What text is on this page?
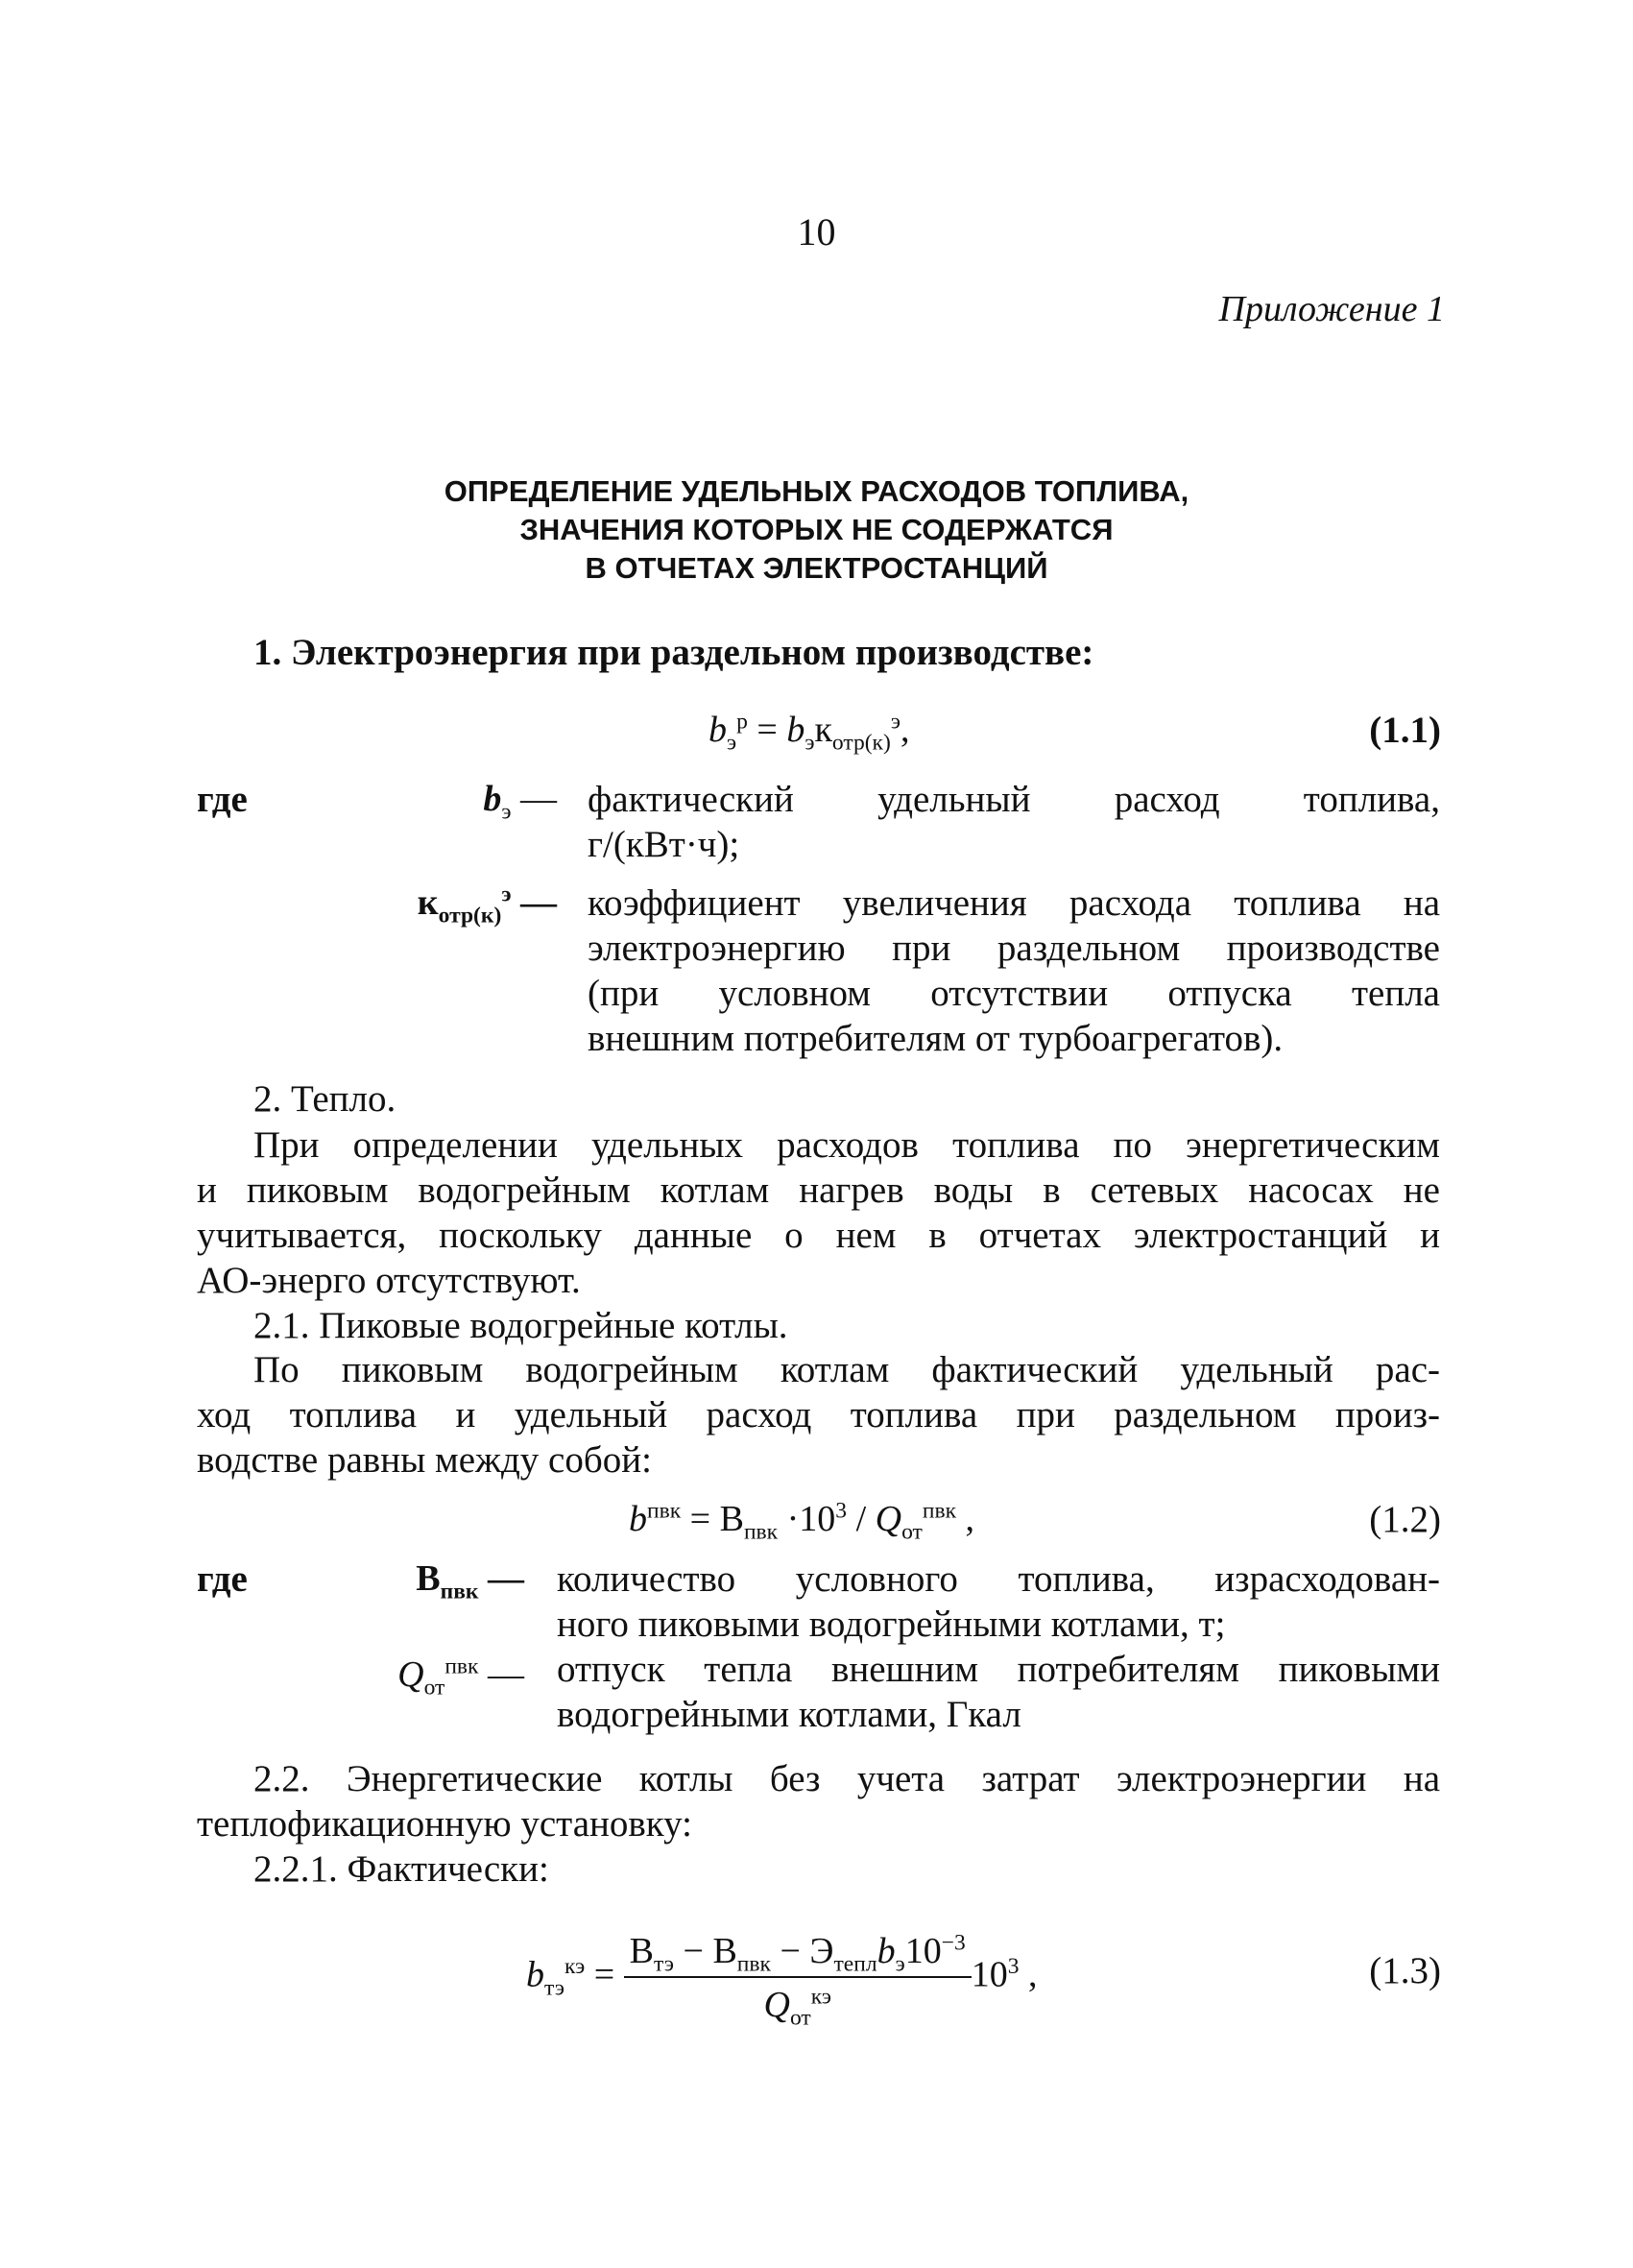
10
Приложение 1
ОПРЕДЕЛЕНИЕ УДЕЛЬНЫХ РАСХОДОВ ТОПЛИВА,
ЗНАЧЕНИЯ КОТОРЫХ НЕ СОДЕРЖАТСЯ
В ОТЧЕТАХ ЭЛЕКТРОСТАНЦИЙ
1. Электроэнергия при раздельном производстве:
$b_э^р = b_эк_{отр(к)}^э$,	(1.1)
где	$b_э$ — фактический удельный расход топлива,
г/(кВт·ч);
$к_{отр(к)}^э$ — коэффициент увеличения расхода топлива на
электроэнергию при раздельном производстве
(при условном отсутствии отпуска тепла
внешним потребителям от турбоагрегатов).
2. Тепло.
При определении удельных расходов топлива по энергетическим
и пиковым водогрейным котлам нагрев воды в сетевых насосах не
учитывается, поскольку данные о нем в отчетах электростанций и
АО-энерго отсутствуют.
2.1. Пиковые водогрейные котлы.
По пиковым водогрейным котлам фактический удельный рас-
ход топлива и удельный расход топлива при раздельном произ-
водстве равны между собой:
$b^{пвк} = В_{пвк} \cdot 10^3 / Q_{от}^{пвк}$ ,	(1.2)
где	$В_{пвк}$ — количество условного топлива, израсходован-
ного пиковыми водогрейными котлами, т;
$Q_{от}^{пвк}$ — отпуск тепла внешним потребителям пиковыми
водогрейными котлами, Гкал
2.2. Энергетические котлы без учета затрат электроэнергии на
теплофикационную установку:
2.2.1. Фактически:
$b_{тэ}^{кэ} = \frac{В_{тэ} - В_{пвк} - Э_{тепл}b_э10^{-3}}{Q_{от}^{кэ}} 10^3$ ,	(1.3)
